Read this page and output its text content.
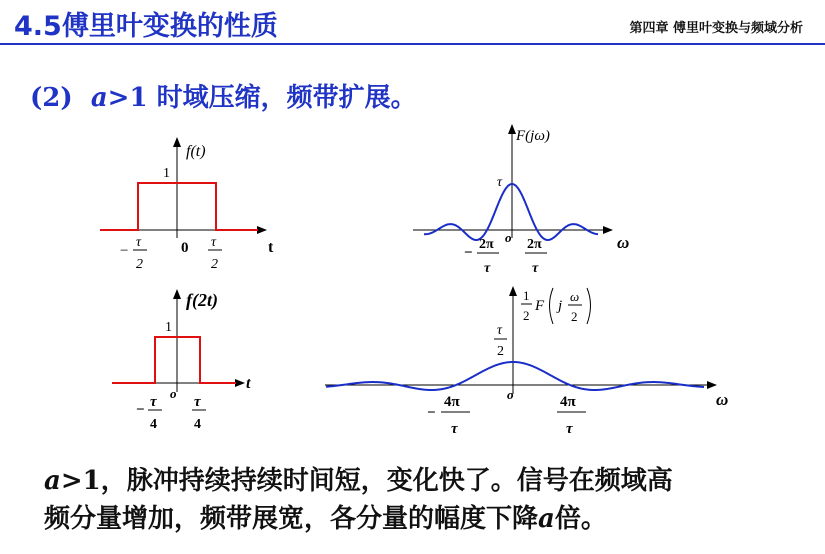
4.5傅里叶变换的性质	第四章 傅里叶变换与频域分析
(2) a>1 时域压缩，频带扩展。
f(t)
1
t
−
τ
2
0 τ
2
F(jω)
τ
o	ω
−
2π
τ
2π
τ
f(2t)
1
o
t
− τ
4
τ
4
1
2
F j
ω
2
τ
2
o	ω
−
4π
τ
4π
τ
a>1，脉冲持续持续时间短，变化快了。信号在频域高
频分量增加，频带展宽，各分量的幅度下降a倍。
